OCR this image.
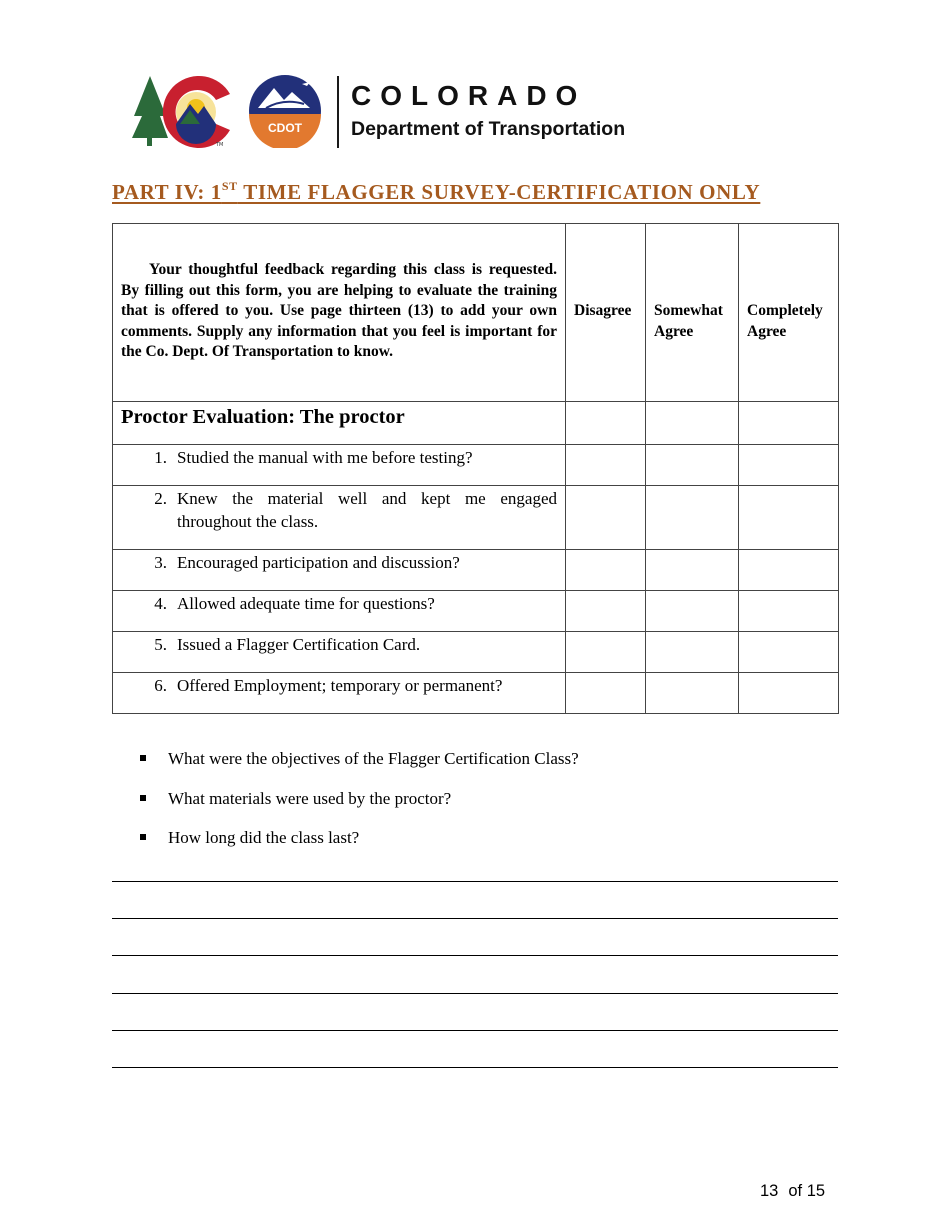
TM
CDOT
COLORADO
Department of Transportation
PART IV: 1ST TIME FLAGGER SURVEY-CERTIFICATION ONLY
Your thoughtful feedback regarding this class is requested. By filling out this form, you are helping to evaluate the training that is offered to you. Use page thirteen (13) to add your own comments. Supply any information that you feel is important for the Co. Dept. Of Transportation to know.	Disagree	Somewhat Agree	Completely Agree
Proctor Evaluation: The proctor			

1. Studied the manual with me before testing?			

2. Knew the material well and kept me engaged throughout the class.			

3. Encouraged participation and discussion?			

4. Allowed adequate time for questions?			

5. Issued a Flagger Certification Card.			

6. Offered Employment; temporary or permanent?			

What were the objectives of the Flagger Certification Class?
What materials were used by the proctor?
How long did the class last?
13 of 15
